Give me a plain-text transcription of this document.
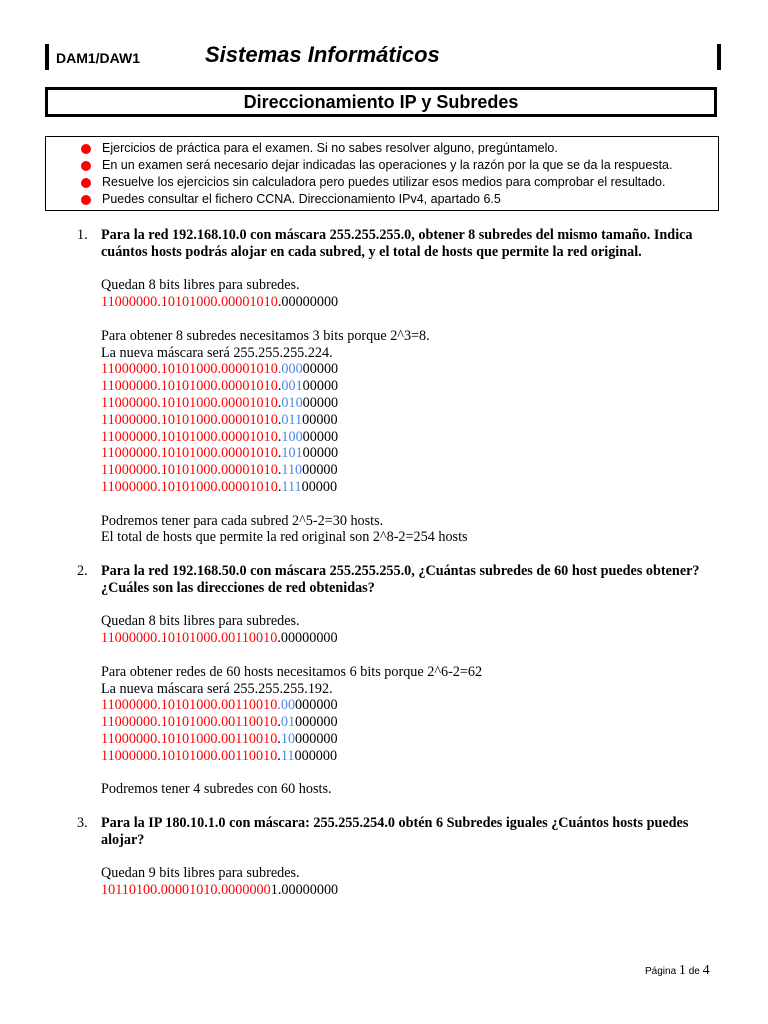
DAM1/DAW1	Sistemas Informáticos
Direccionamiento IP y Subredes
Ejercicios de práctica para el examen. Si no sabes resolver alguno, pregúntamelo.
En un examen será necesario dejar indicadas las operaciones y la razón por la que se da la respuesta.
Resuelve los ejercicios sin calculadora pero puedes utilizar esos medios para comprobar el resultado.
Puedes consultar el fichero CCNA. Direccionamiento IPv4, apartado 6.5
1. Para la red 192.168.10.0 con máscara 255.255.255.0, obtener 8 subredes del mismo tamaño. Indica cuántos hosts podrás alojar en cada subred, y el total de hosts que permite la red original.
Quedan 8 bits libres para subredes.
11000000.10101000.00001010.00000000
Para obtener 8 subredes necesitamos 3 bits porque 2^3=8.
La nueva máscara será 255.255.255.224.
11000000.10101000.00001010.00000000
11000000.10101000.00001010.00100000
11000000.10101000.00001010.01000000
11000000.10101000.00001010.01100000
11000000.10101000.00001010.10000000
11000000.10101000.00001010.10100000
11000000.10101000.00001010.11000000
11000000.10101000.00001010.11100000
Podremos tener para cada subred 2^5-2=30 hosts.
El total de hosts que permite la red original son 2^8-2=254 hosts
2. Para la red 192.168.50.0 con máscara 255.255.255.0, ¿Cuántas subredes de 60 host puedes obtener? ¿Cuáles son las direcciones de red obtenidas?
Quedan 8 bits libres para subredes.
11000000.10101000.00110010.00000000
Para obtener redes de 60 hosts necesitamos 6 bits porque 2^6-2=62
La nueva máscara será 255.255.255.192.
11000000.10101000.00110010.00000000
11000000.10101000.00110010.01000000
11000000.10101000.00110010.10000000
11000000.10101000.00110010.11000000
Podremos tener 4 subredes con 60 hosts.
3. Para la IP 180.10.1.0 con máscara: 255.255.254.0 obtén 6 Subredes iguales ¿Cuántos hosts puedes alojar?
Quedan 9 bits libres para subredes.
10110100.00001010.00000001.00000000
Página 1 de 4
